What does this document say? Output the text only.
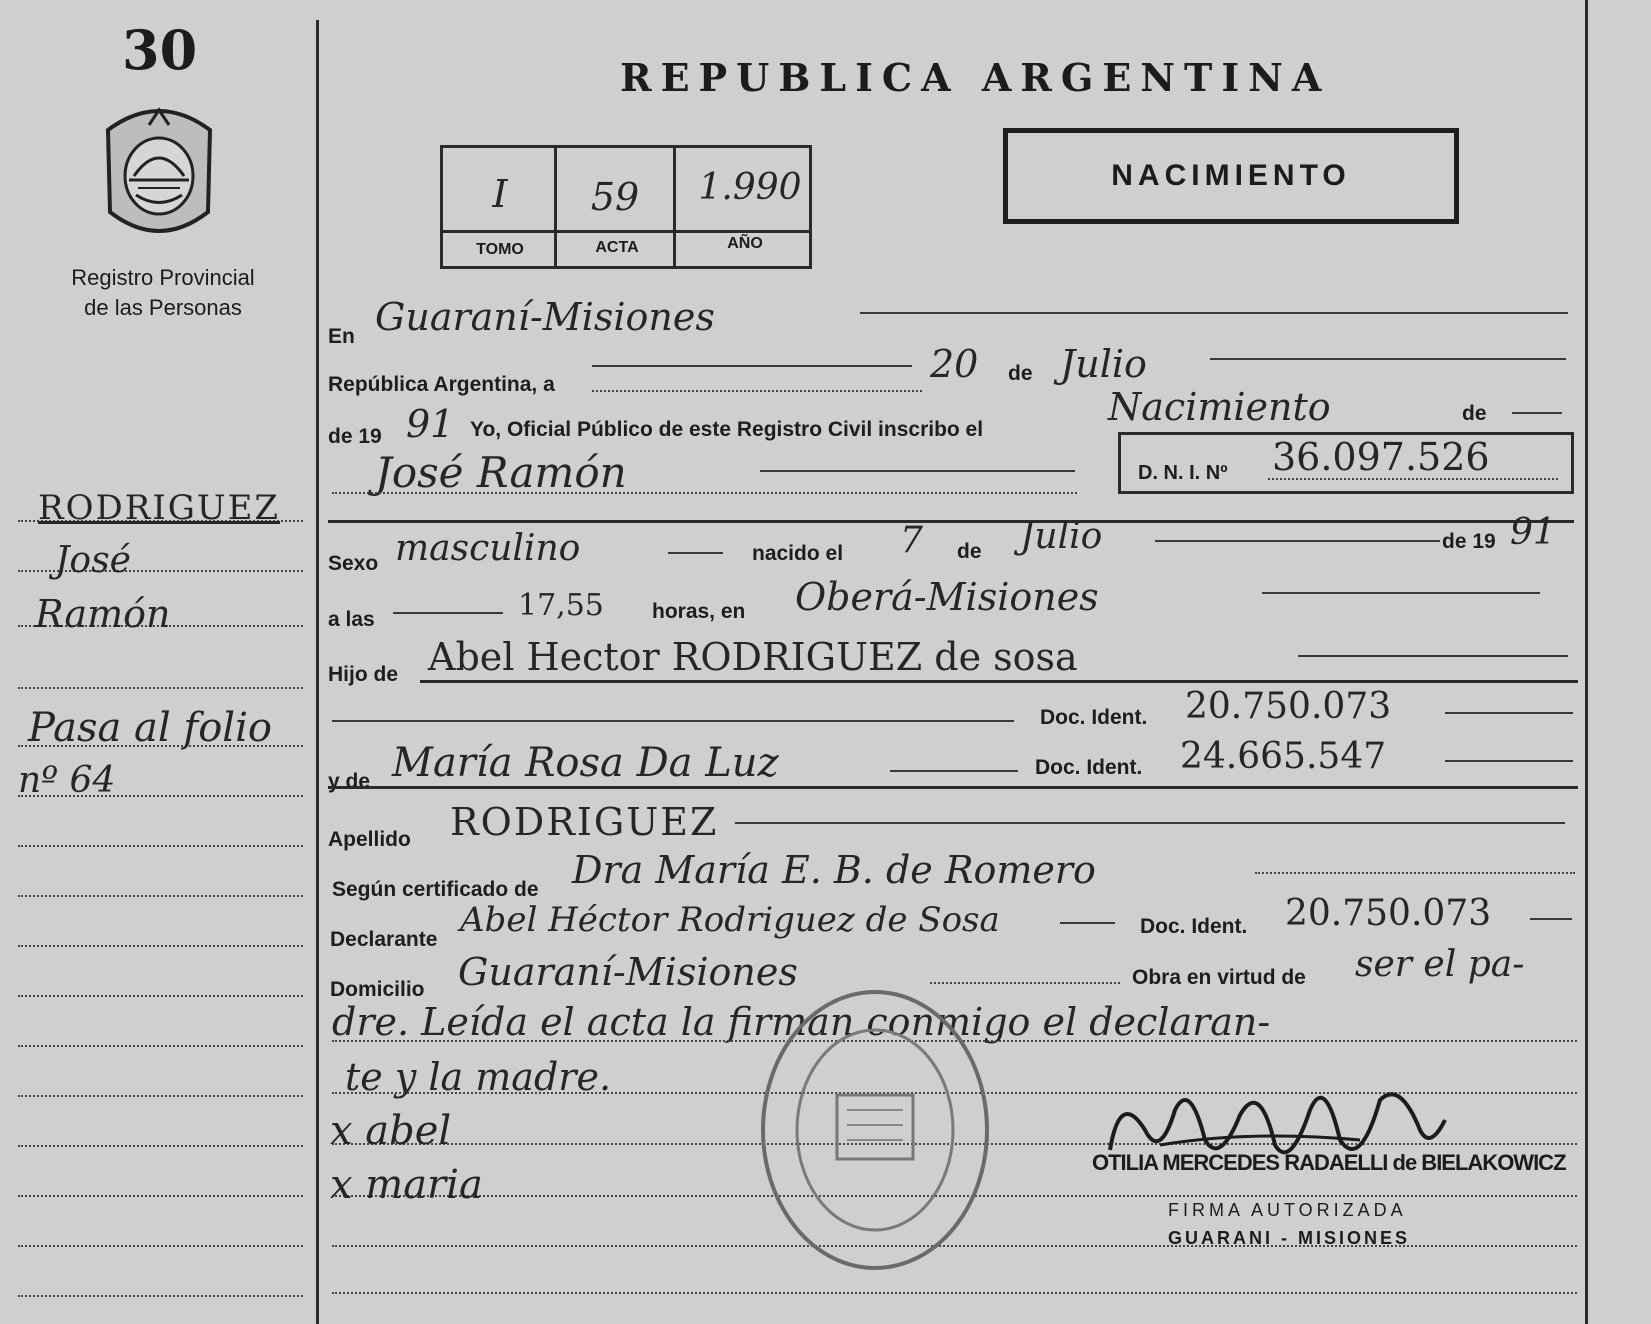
30
Registro Provincial
de las Personas
RODRIGUEZ
José
Ramón
Pasa al folio
nº 64
REPUBLICA ARGENTINA
I	59	1.990
TOMO	ACTA	AÑO
NACIMIENTO
En Guaraní-Misiones
República Argentina, a	20 de Julio
de 19 91 Yo, Oficial Público de este Registro Civil inscribo el
Nacimiento	de
José Ramón	D. N. I. Nº 36.097.526
Sexo masculino	nacido el 7 de Julio	de 19 91
a las	17,55 horas, en Oberá-Misiones
Hijo de Abel Hector RODRIGUEZ de sosa
Doc. Ident. 20.750.073
y de María Rosa Da Luz	Doc. Ident. 24.665.547
Apellido RODRIGUEZ
Según certificado de Dra María E. B. de Romero
Declarante Abel Héctor Rodriguez de Sosa	Doc. Ident. 20.750.073
Domicilio Guaraní-Misiones	Obra en virtud de ser el pa-
dre. Leída el acta la firman conmigo el declaran-
te y la madre.
x abel
x maria	OTILIA MERCEDES RADAELLI de BIELAKOWICZ
FIRMA AUTORIZADA
GUARANI - MISIONES
